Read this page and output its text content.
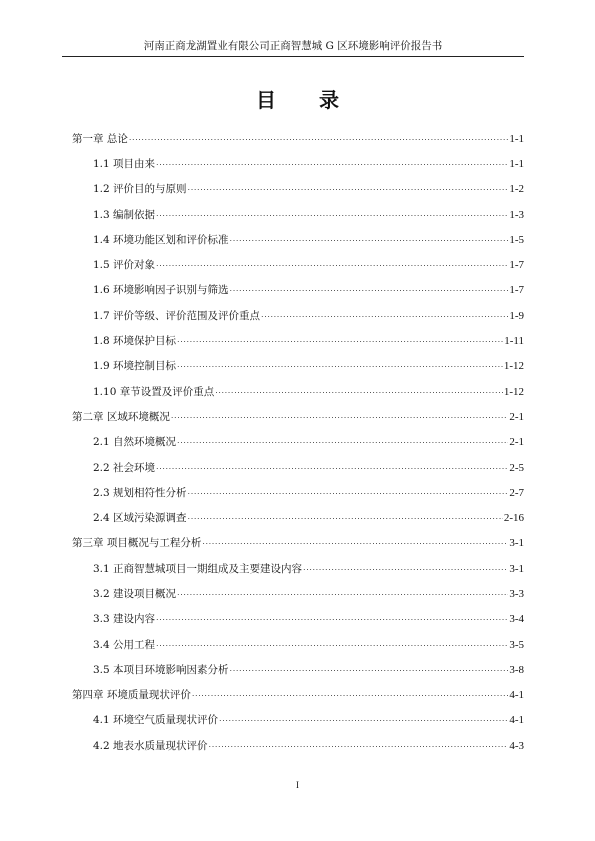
河南正商龙湖置业有限公司正商智慧城 G 区环境影响评价报告书
目 录
第一章 总论 .....	1-1
1.1 项目由来 .....	1-1
1.2 评价目的与原则 .....	1-2
1.3 编制依据 .....	1-3
1.4 环境功能区划和评价标准 .....	1-5
1.5 评价对象 .....	1-7
1.6 环境影响因子识别与筛选 .....	1-7
1.7 评价等级、评价范围及评价重点 .....	1-9
1.8 环境保护目标 .....	1-11
1.9 环境控制目标 .....	1-12
1.10 章节设置及评价重点 .....	1-12
第二章 区域环境概况 .....	2-1
2.1 自然环境概况 .....	2-1
2.2 社会环境 .....	2-5
2.3 规划相符性分析 .....	2-7
2.4 区域污染源调查 .....	2-16
第三章 项目概况与工程分析 .....	3-1
3.1 正商智慧城项目一期组成及主要建设内容 .....	3-1
3.2 建设项目概况 .....	3-3
3.3 建设内容 .....	3-4
3.4 公用工程 .....	3-5
3.5 本项目环境影响因素分析 .....	3-8
第四章 环境质量现状评价 .....	4-1
4.1 环境空气质量现状评价 .....	4-1
4.2 地表水质量现状评价 .....	4-3
I
